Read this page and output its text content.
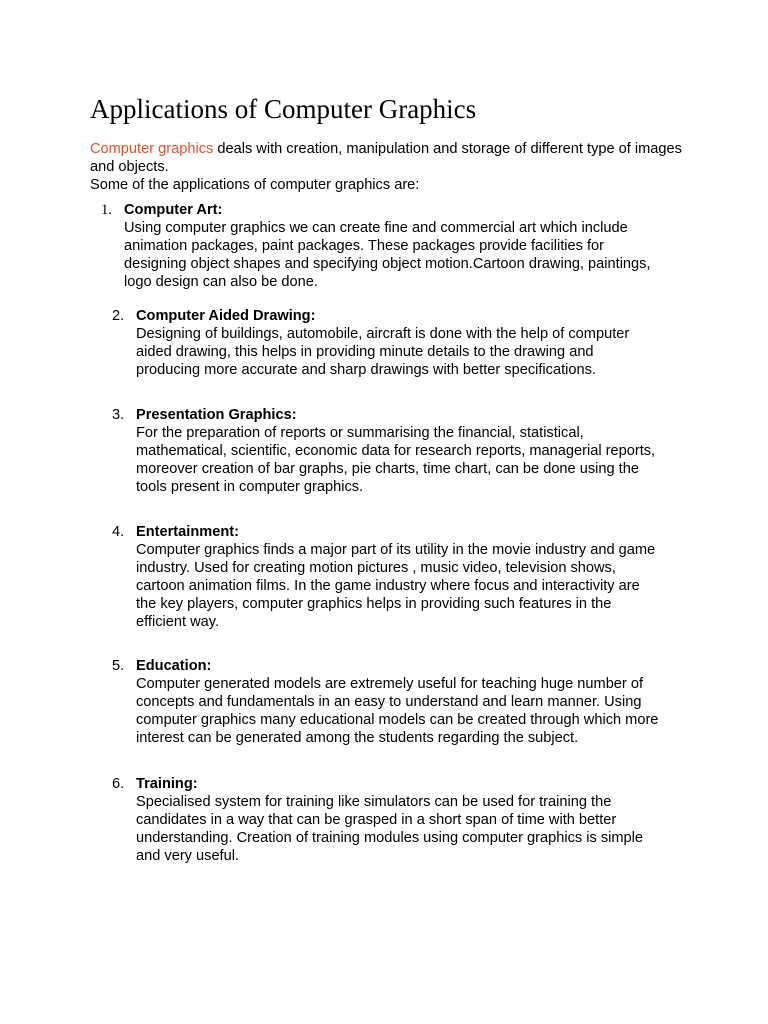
Applications of Computer Graphics

Computer graphics deals with creation, manipulation and storage of different type of images and objects.
Some of the applications of computer graphics are:

1. Computer Art:
Using computer graphics we can create fine and commercial art which include
animation packages, paint packages. These packages provide facilities for
designing object shapes and specifying object motion.Cartoon drawing, paintings,
logo design can also be done.
2. Computer Aided Drawing:
Designing of buildings, automobile, aircraft is done with the help of computer
aided drawing, this helps in providing minute details to the drawing and
producing more accurate and sharp drawings with better specifications.
3. Presentation Graphics:
For the preparation of reports or summarising the financial, statistical,
mathematical, scientific, economic data for research reports, managerial reports,
moreover creation of bar graphs, pie charts, time chart, can be done using the
tools present in computer graphics.
4. Entertainment:
Computer graphics finds a major part of its utility in the movie industry and game
industry. Used for creating motion pictures , music video, television shows,
cartoon animation films. In the game industry where focus and interactivity are
the key players, computer graphics helps in providing such features in the
efficient way.
5. Education:
Computer generated models are extremely useful for teaching huge number of
concepts and fundamentals in an easy to understand and learn manner. Using
computer graphics many educational models can be created through which more
interest can be generated among the students regarding the subject.
6. Training:
Specialised system for training like simulators can be used for training the
candidates in a way that can be grasped in a short span of time with better
understanding. Creation of training modules using computer graphics is simple
and very useful.
